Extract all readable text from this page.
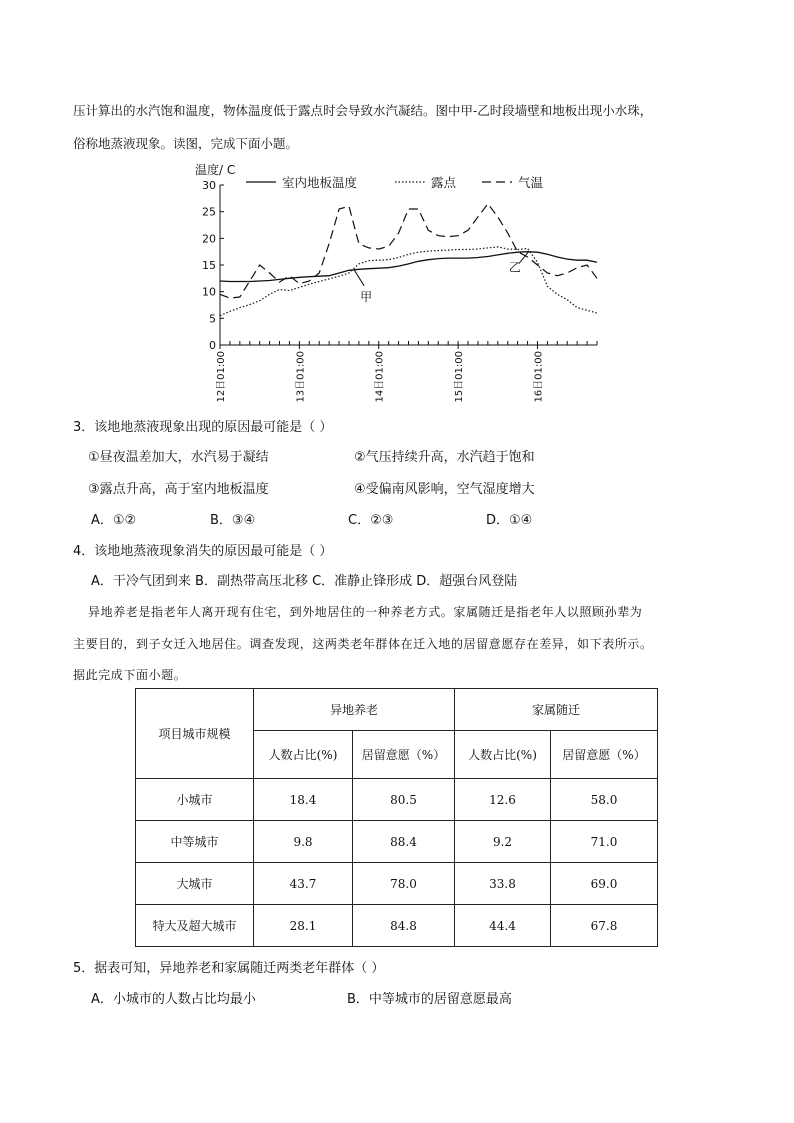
压计算出的水汽饱和温度，物体温度低于露点时会导致水汽凝结。图中甲-乙时段墙壁和地板出现小水珠，
俗称地蒸液现象。读图，完成下面小题。
温度/ C
0
5
10
15
20
25
30
12日01:00	13日01:00	14日01:00	15日01:00	16日01:00
室内地板温度	露点	气温
甲
乙
3．该地地蒸液现象出现的原因最可能是（ ）
①昼夜温差加大，水汽易于凝结	②气压持续升高，水汽趋于饱和
③露点升高，高于室内地板温度	④受偏南风影响，空气湿度增大
A．①②	B．③④	C．②③	D．①④
4．该地地蒸液现象消失的原因最可能是（ ）
A．干冷气团到来 B．副热带高压北移 C．准静止锋形成 D．超强台风登陆
异地养老是指老年人离开现有住宅，到外地居住的一种养老方式。家属随迁是指老年人以照顾孙辈为
主要目的，到子女迁入地居住。调查发现，这两类老年群体在迁入地的居留意愿存在差异，如下表所示。
据此完成下面小题。
项目城市规模	异地养老		家属随迁	
	人数占比(%)	居留意愿（%）	人数占比(%)	居留意愿（%）
小城市	18.4	80.5	12.6	58.0
中等城市	9.8	88.4	9.2	71.0
大城市	43.7	78.0	33.8	69.0
特大及超大城市	28.1	84.8	44.4	67.8
5．据表可知，异地养老和家属随迁两类老年群体（ ）
A．小城市的人数占比均最小	B．中等城市的居留意愿最高
